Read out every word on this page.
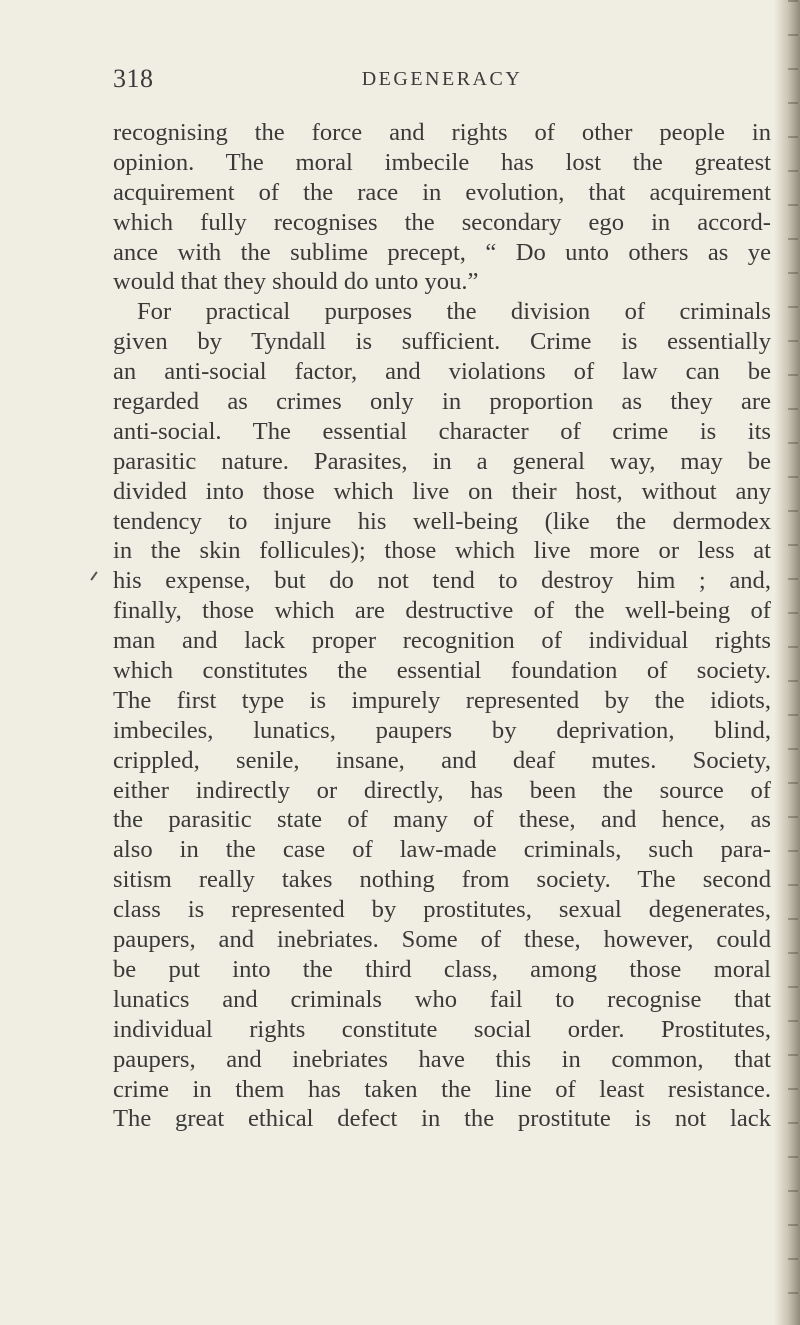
318	DEGENERACY
recognising the force and rights of other people in
opinion. The moral imbecile has lost the greatest
acquirement of the race in evolution, that acquirement
which fully recognises the secondary ego in accord-
ance with the sublime precept, “ Do unto others as ye
would that they should do unto you.”
For practical purposes the division of criminals
given by Tyndall is sufficient. Crime is essentially
an anti-social factor, and violations of law can be
regarded as crimes only in proportion as they are
anti-social. The essential character of crime is its
parasitic nature. Parasites, in a general way, may be
divided into those which live on their host, without any
tendency to injure his well-being (like the dermodex
in the skin follicules); those which live more or less at
his expense, but do not tend to destroy him ; and,
finally, those which are destructive of the well-being of
man and lack proper recognition of individual rights
which constitutes the essential foundation of society.
The first type is impurely represented by the idiots,
imbeciles, lunatics, paupers by deprivation, blind,
crippled, senile, insane, and deaf mutes. Society,
either indirectly or directly, has been the source of
the parasitic state of many of these, and hence, as
also in the case of law-made criminals, such para-
sitism really takes nothing from society. The second
class is represented by prostitutes, sexual degenerates,
paupers, and inebriates. Some of these, however, could
be put into the third class, among those moral
lunatics and criminals who fail to recognise that
individual rights constitute social order. Prostitutes,
paupers, and inebriates have this in common, that
crime in them has taken the line of least resistance.
The great ethical defect in the prostitute is not lack
